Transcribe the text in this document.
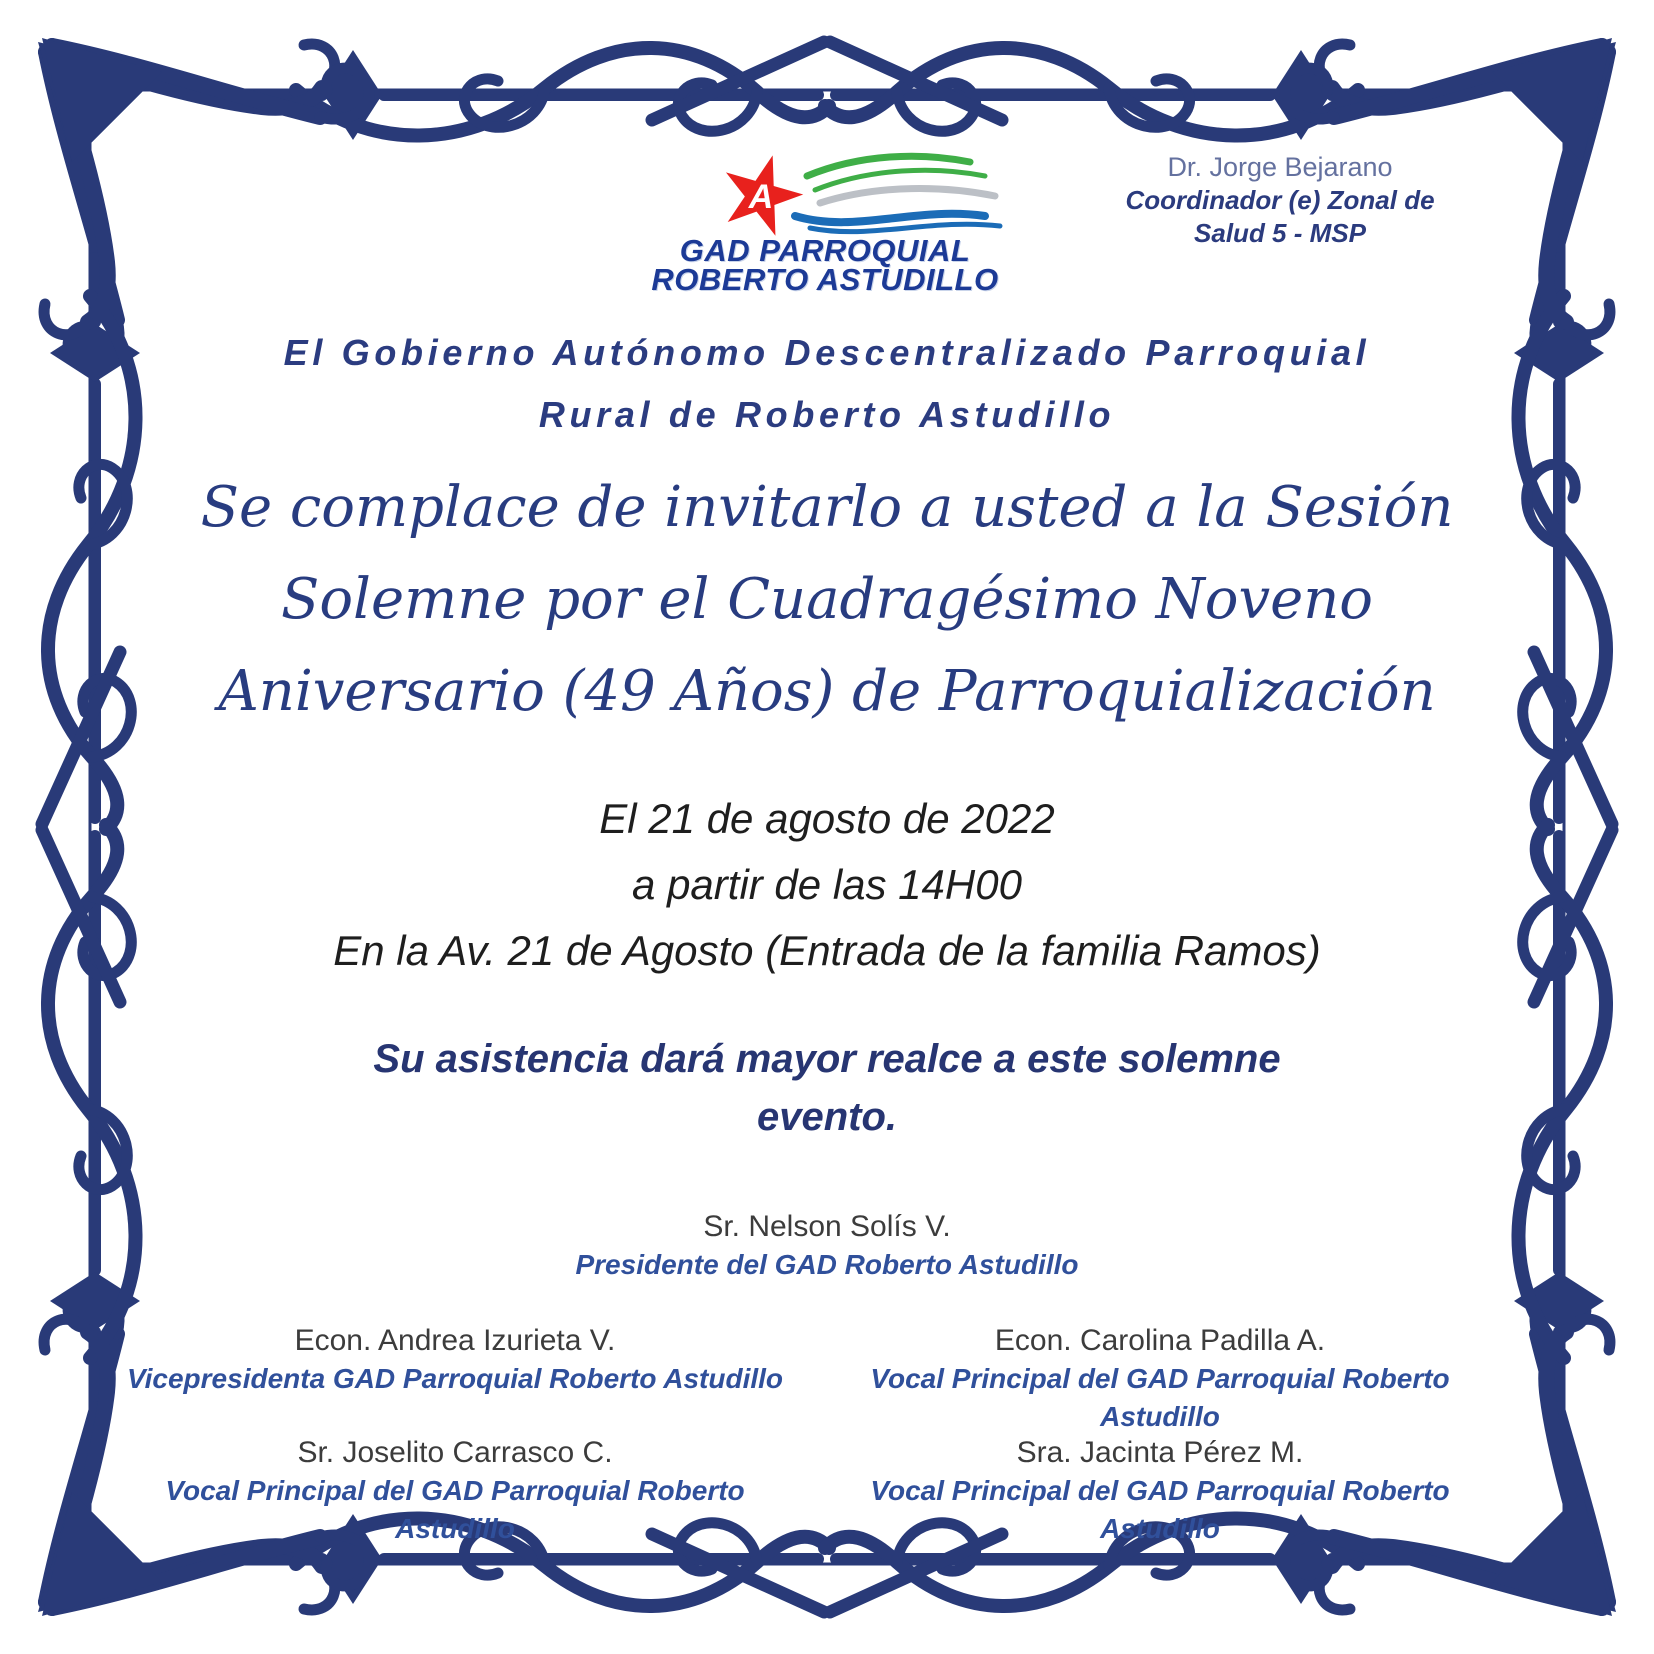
A
GAD PARROQUIAL
ROBERTO ASTUDILLO
Dr. Jorge Bejarano
Coordinador (e) Zonal de
Salud 5 - MSP
El Gobierno Autónomo Descentralizado Parroquial
Rural de Roberto Astudillo
Se complace de invitarlo a usted a la Sesión
Solemne por el Cuadragésimo Noveno
Aniversario (49 Años) de Parroquialización
El 21 de agosto de 2022
a partir de las 14H00
En la Av. 21 de Agosto (Entrada de la familia Ramos)
Su asistencia dará mayor realce a este solemne
evento.
Sr. Nelson Solís V.
Presidente del GAD Roberto Astudillo
Econ. Andrea Izurieta V.
Vicepresidenta GAD Parroquial Roberto Astudillo
Econ. Carolina Padilla A.
Vocal Principal del GAD Parroquial Roberto Astudillo
Sr. Joselito Carrasco C.
Vocal Principal del GAD Parroquial Roberto Astudillo
Sra. Jacinta Pérez M.
Vocal Principal del GAD Parroquial Roberto Astudillo
